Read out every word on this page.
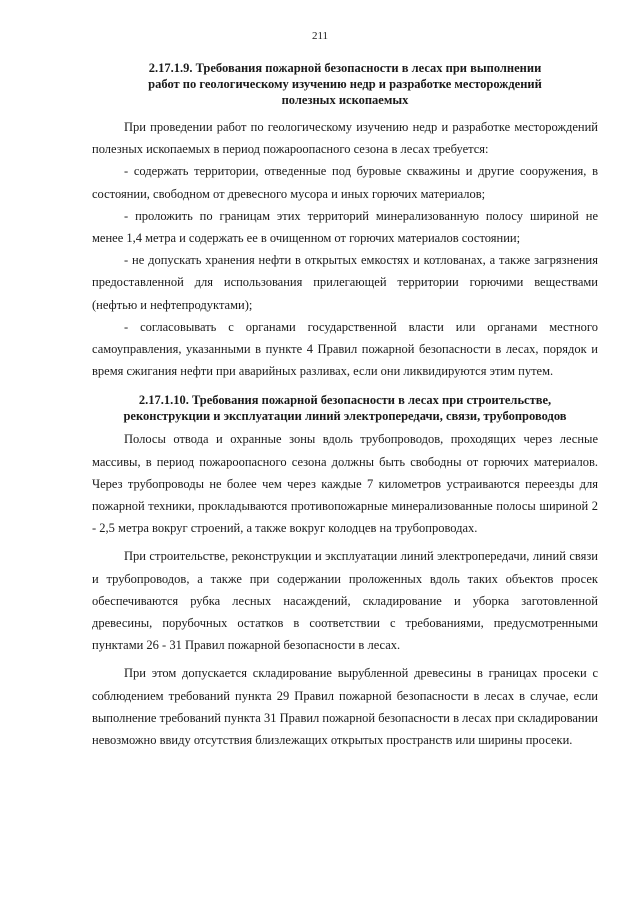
211
2.17.1.9. Требования пожарной безопасности в лесах при выполнении
работ по геологическому изучению недр и разработке месторождений
полезных ископаемых

При проведении работ по геологическому изучению недр и разработке месторождений полезных ископаемых в период пожароопасного сезона в лесах требуется:

- содержать территории, отведенные под буровые скважины и другие сооружения, в состоянии, свободном от древесного мусора и иных горючих материалов;

- проложить по границам этих территорий минерализованную полосу шириной не менее 1,4 метра и содержать ее в очищенном от горючих материалов состоянии;

- не допускать хранения нефти в открытых емкостях и котлованах, а также загрязнения предоставленной для использования прилегающей территории горючими веществами (нефтью и нефтепродуктами);

- согласовывать с органами государственной власти или органами местного самоуправления, указанными в пункте 4 Правил пожарной безопасности в лесах, порядок и время сжигания нефти при аварийных разливах, если они ликвидируются этим путем.

2.17.1.10. Требования пожарной безопасности в лесах при строительстве,
реконструкции и эксплуатации линий электропередачи, связи, трубопроводов

Полосы отвода и охранные зоны вдоль трубопроводов, проходящих через лесные массивы, в период пожароопасного сезона должны быть свободны от горючих материалов. Через трубопроводы не более чем через каждые 7 километров устраиваются переезды для пожарной техники, прокладываются противопожарные минерализованные полосы шириной 2 - 2,5 метра вокруг строений, а также вокруг колодцев на трубопроводах.

При строительстве, реконструкции и эксплуатации линий электропередачи, линий связи и трубопроводов, а также при содержании проложенных вдоль таких объектов просек обеспечиваются рубка лесных насаждений, складирование и уборка заготовленной древесины, порубочных остатков в соответствии с требованиями, предусмотренными пунктами 26 - 31 Правил пожарной безопасности в лесах.

При этом допускается складирование вырубленной древесины в границах просеки с соблюдением требований пункта 29 Правил пожарной безопасности в лесах в случае, если выполнение требований пункта 31 Правил пожарной безопасности в лесах при складировании невозможно ввиду отсутствия близлежащих открытых пространств или ширины просеки.
